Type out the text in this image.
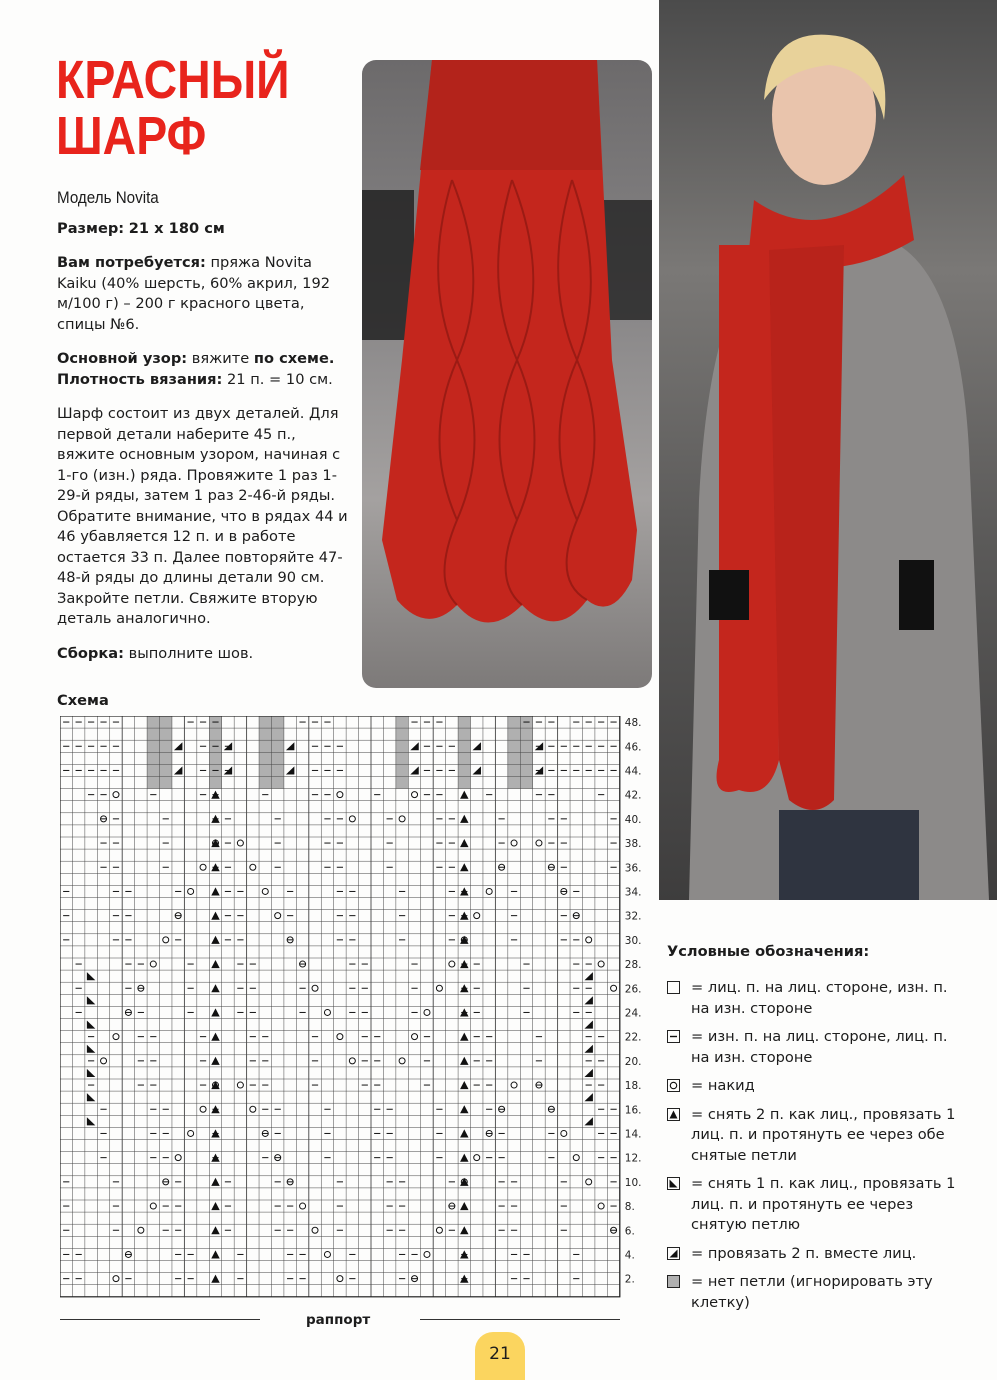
КРАСНЫЙ
ШАРФ

Модель Novita

Размер: 21 х 180 см

Вам потребуется: пряжа Novita Kaiku (40% шерсть, 60% акрил, 192 м/100 г) – 200 г красного цвета, спицы №6.

Основной узор: вяжите по схеме.
Плотность вязания: 21 п. = 10 см.

Шарф состоит из двух деталей. Для первой детали наберите 45 п., вяжите основным узором, начиная с 1-го (изн.) ряда. Провяжите 1 раз 1-29-й ряды, затем 1 раз 2-46-й ряды. Обратите внимание, что в рядах 44 и 46 убавляется 12 п. и в работе остается 33 п. Далее повторяйте 47-48-й ряды до длины детали 90 см. Закройте петли. Свяжите вторую деталь аналогично.

Сборка: выполните шов.

Схема
48.
46.
44.
42.
40.
38.
36.
34.
32.
30.
28.
26.
24.
22.
20.
18.
16.
14.
12.
10.
8.
6.
4.
2.
раппорт
Условные обозначения:
= лиц. п. на лиц. стороне, изн. п. на изн. стороне
= изн. п. на лиц. стороне, лиц. п. на изн. стороне
= накид
= снять 2 п. как лиц., провязать 1 лиц. п. и протянуть ее через обе снятые петли
= снять 1 п. как лиц., провязать 1 лиц. п. и протянуть ее через снятую петлю
= провязать 2 п. вместе лиц.
= нет петли (игнорировать эту клетку)
21
